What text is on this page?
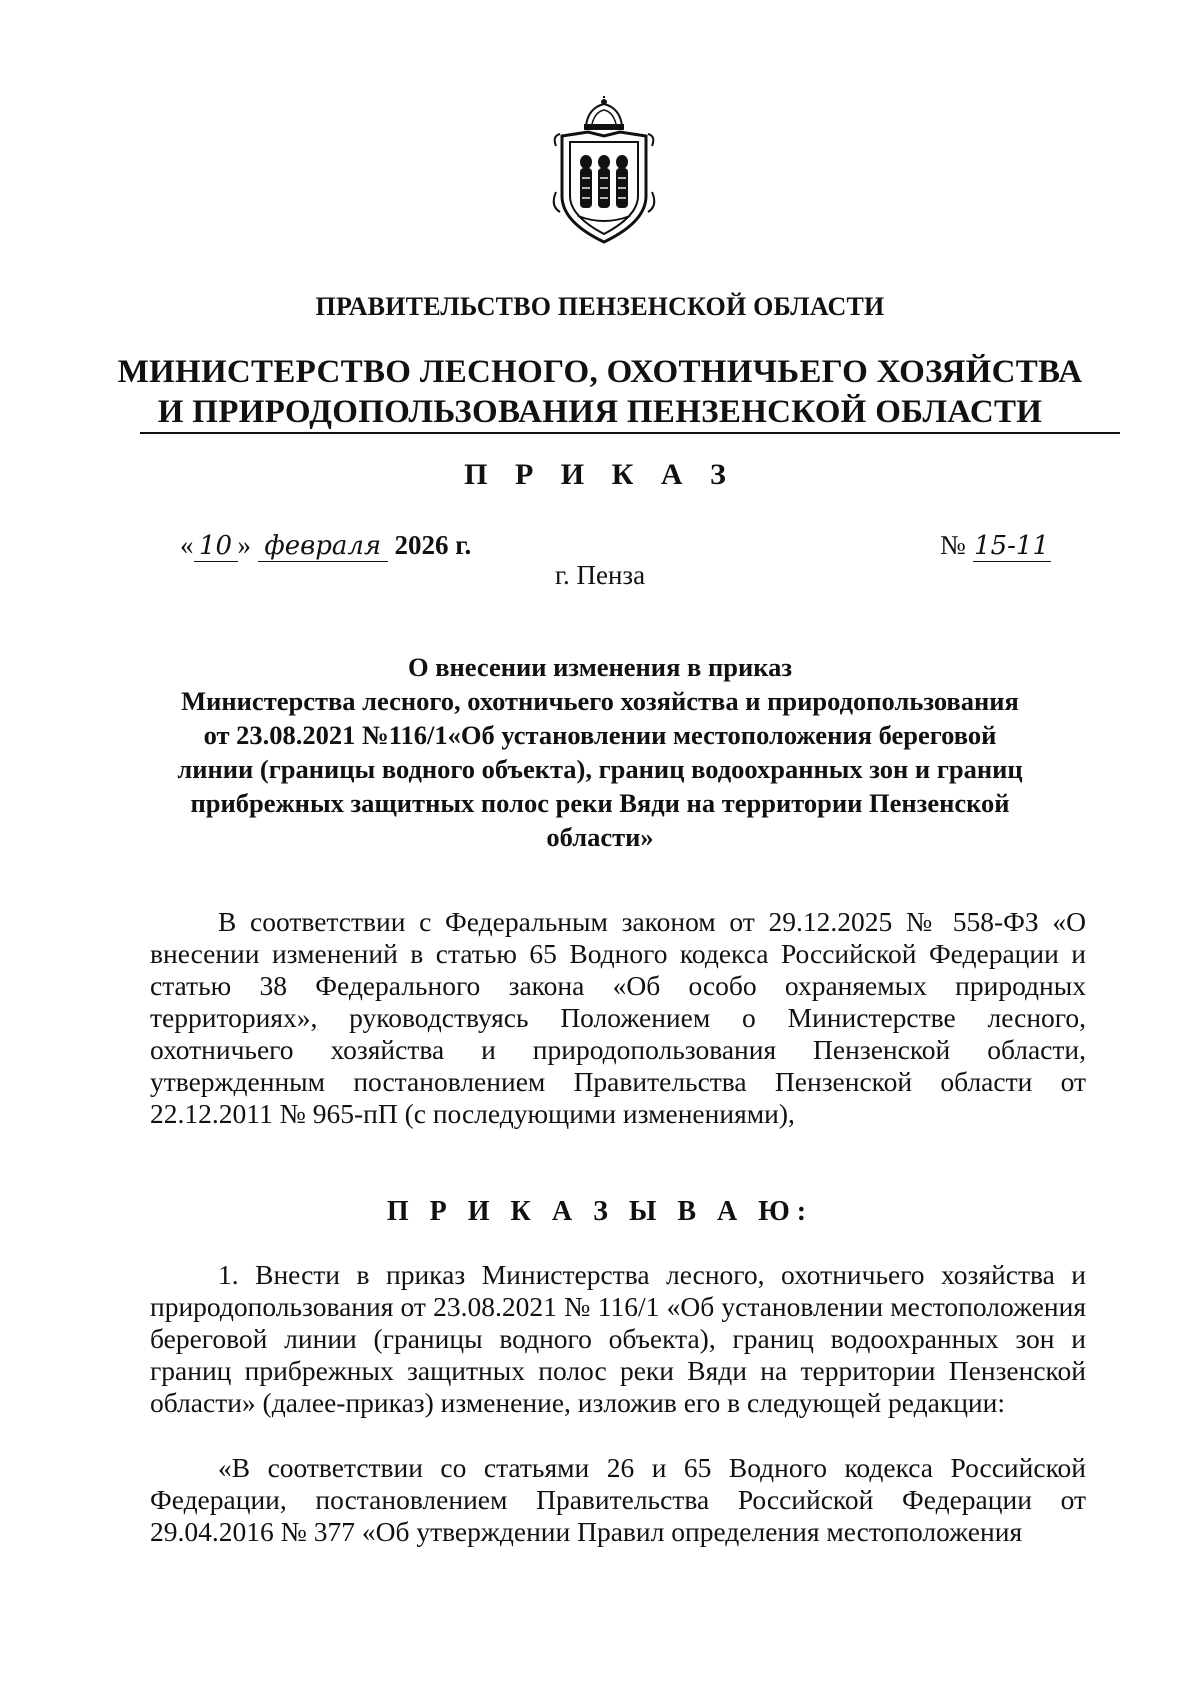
ПРАВИТЕЛЬСТВО ПЕНЗЕНСКОЙ ОБЛАСТИ
МИНИСТЕРСТВО ЛЕСНОГО, ОХОТНИЧЬЕГО ХОЗЯЙСТВА
И ПРИРОДОПОЛЬЗОВАНИЯ ПЕНЗЕНСКОЙ ОБЛАСТИ
П Р И К А З
« 10 » февраля 2026 г.	№ 15-11
г. Пенза
О внесении изменения в приказ
Министерства лесного, охотничьего хозяйства и природопользования
от 23.08.2021 №116/1«Об установлении местоположения береговой
линии (границы водного объекта), границ водоохранных зон и границ
прибрежных защитных полос реки Вяди на территории Пензенской
области»
В соответствии с Федеральным законом от 29.12.2025 № 558-ФЗ «О внесении изменений в статью 65 Водного кодекса Российской Федерации и статью 38 Федерального закона «Об особо охраняемых природных территориях», руководствуясь Положением о Министерстве лесного, охотничьего хозяйства и природопользования Пензенской области, утвержденным постановлением Правительства Пензенской области от 22.12.2011 № 965-пП (с последующими изменениями),
П Р И К А З Ы В А Ю:
1. Внести в приказ Министерства лесного, охотничьего хозяйства и природопользования от 23.08.2021 № 116/1 «Об установлении местоположения береговой линии (границы водного объекта), границ водоохранных зон и границ прибрежных защитных полос реки Вяди на территории Пензенской области» (далее-приказ) изменение, изложив его в следующей редакции:
«В соответствии со статьями 26 и 65 Водного кодекса Российской Федерации, постановлением Правительства Российской Федерации от 29.04.2016 № 377 «Об утверждении Правил определения местоположения
